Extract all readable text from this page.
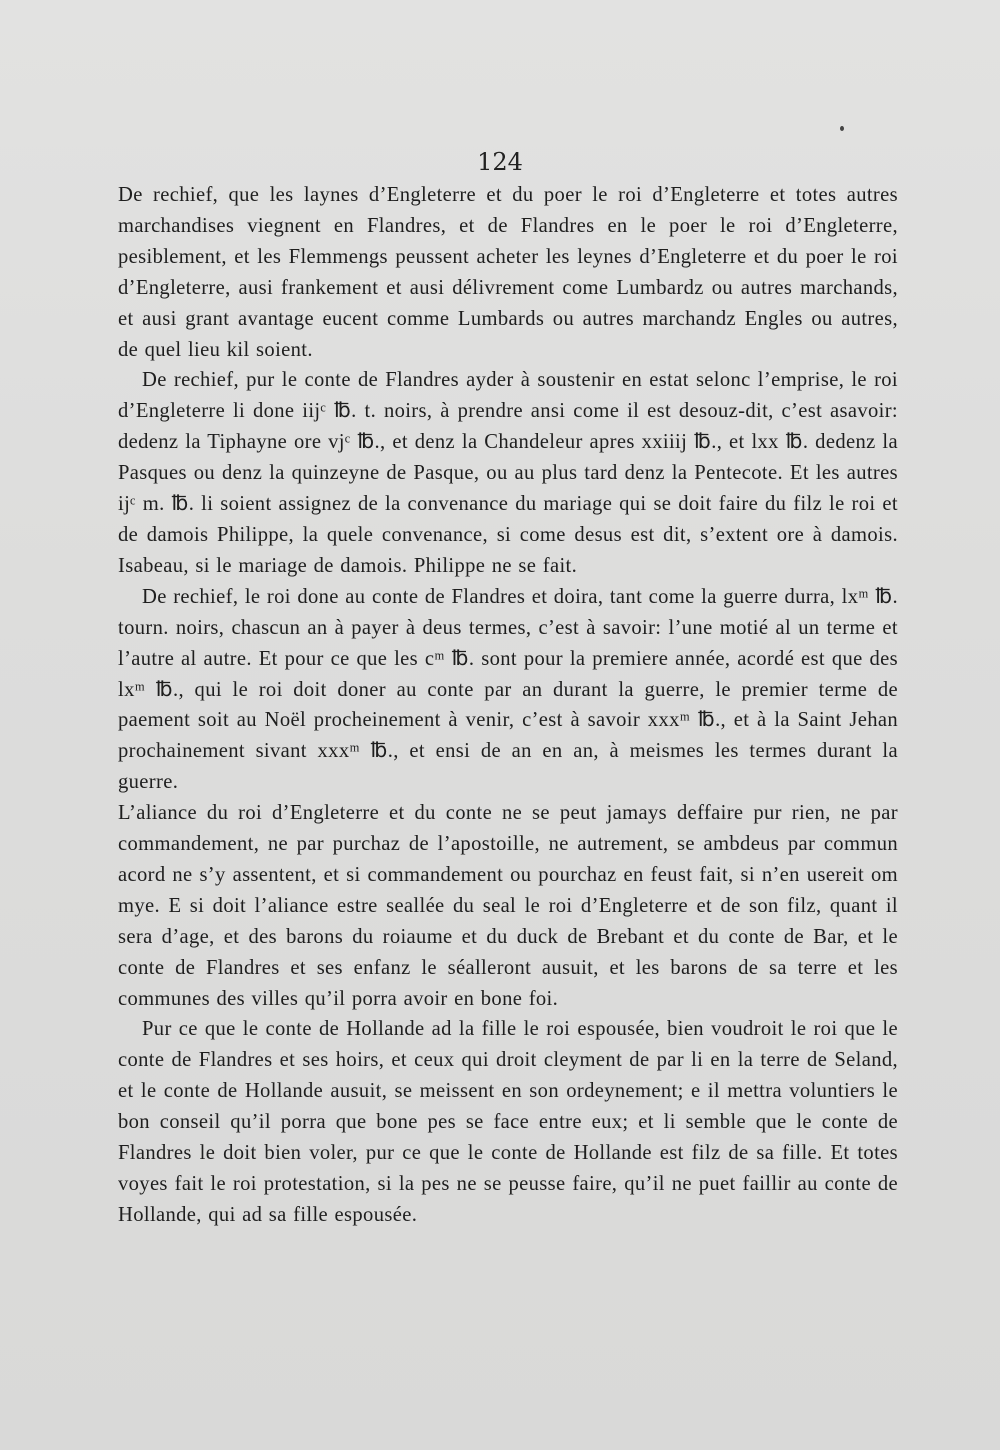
124

De rechief, que les laynes d’Engleterre et du poer le roi d’Engleterre et totes autres marchandises viegnent en Flandres, et de Flandres en le poer le roi d’Engleterre, pesiblement, et les Flemmengs peussent acheter les leynes d’Engleterre et du poer le roi d’Engleterre, ausi frankement et ausi délivrement come Lumbardz ou autres marchands, et ausi grant avantage eucent comme Lumbards ou autres marchandz Engles ou autres, de quel lieu kil soient.

De rechief, pur le conte de Flandres ayder à soustenir en estat selonc l’emprise, le roi d’Engleterre li done iijᶜ ℔. t. noirs, à prendre ansi come il est desouz-dit, c’est asavoir: dedenz la Tiphayne ore vjᶜ ℔., et denz la Chandeleur apres xxiiij ℔., et lxx ℔. dedenz la Pasques ou denz la quinzeyne de Pasque, ou au plus tard denz la Pentecote. Et les autres ijᶜ m. ℔. li soient assignez de la convenance du mariage qui se doit faire du filz le roi et de damois Philippe, la quele convenance, si come desus est dit, s’extent ore à damois. Isabeau, si le mariage de damois. Philippe ne se fait.

De rechief, le roi done au conte de Flandres et doira, tant come la guerre durra, lxᵐ ℔. tourn. noirs, chascun an à payer à deus termes, c’est à savoir: l’une motié al un terme et l’autre al autre. Et pour ce que les cᵐ ℔. sont pour la premiere année, acordé est que des lxᵐ ℔., qui le roi doit doner au conte par an durant la guerre, le premier terme de paement soit au Noël procheinement à venir, c’est à savoir xxxᵐ ℔., et à la Saint Jehan prochainement sivant xxxᵐ ℔., et ensi de an en an, à meismes les termes durant la guerre.

L’aliance du roi d’Engleterre et du conte ne se peut jamays deffaire pur rien, ne par commandement, ne par purchaz de l’apostoille, ne autrement, se ambdeus par commun acord ne s’y assentent, et si commandement ou pourchaz en feust fait, si n’en usereit om mye. E si doit l’aliance estre seallée du seal le roi d’Engleterre et de son filz, quant il sera d’age, et des barons du roiaume et du duck de Brebant et du conte de Bar, et le conte de Flandres et ses enfanz le séalleront ausuit, et les barons de sa terre et les communes des villes qu’il porra avoir en bone foi.

Pur ce que le conte de Hollande ad la fille le roi espousée, bien voudroit le roi que le conte de Flandres et ses hoirs, et ceux qui droit cleyment de par li en la terre de Seland, et le conte de Hollande ausuit, se meissent en son ordeynement; e il mettra voluntiers le bon conseil qu’il porra que bone pes se face entre eux; et li semble que le conte de Flandres le doit bien voler, pur ce que le conte de Hollande est filz de sa fille. Et totes voyes fait le roi protestation, si la pes ne se peusse faire, qu’il ne puet faillir au conte de Hollande, qui ad sa fille espousée.
